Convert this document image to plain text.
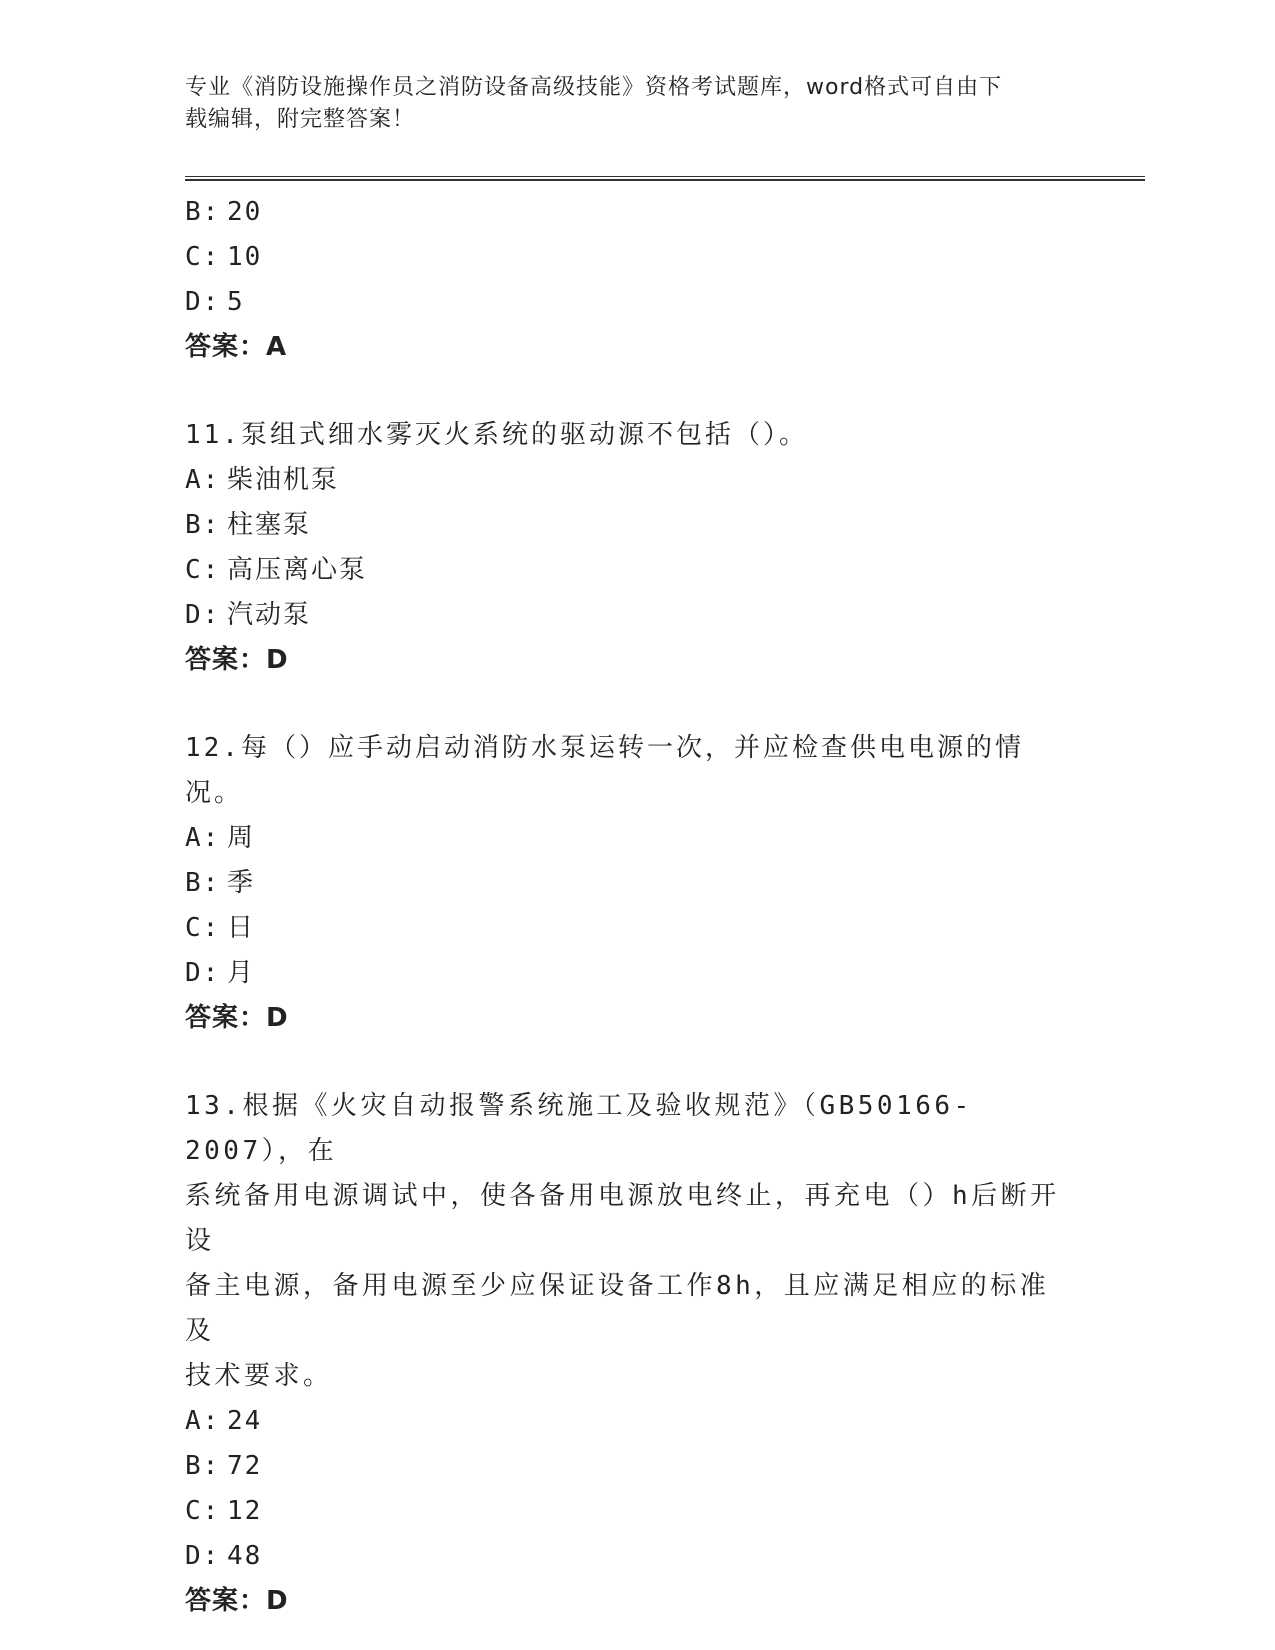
专业《消防设施操作员之消防设备高级技能》资格考试题库，word格式可自由下
载编辑，附完整答案！
B: 20
C: 10
D: 5
答案：A
11.泵组式细水雾灭火系统的驱动源不包括（）。
A: 柴油机泵
B: 柱塞泵
C: 高压离心泵
D: 汽动泵
答案：D
12.每（）应手动启动消防水泵运转一次，并应检查供电电源的情况。
A: 周
B: 季
C: 日
D: 月
答案：D
13.根据《火灾自动报警系统施工及验收规范》（GB50166-2007），在
系统备用电源调试中，使各备用电源放电终止，再充电（）h后断开设
备主电源，备用电源至少应保证设备工作8h，且应满足相应的标准及
技术要求。
A: 24
B: 72
C: 12
D: 48
答案：D
